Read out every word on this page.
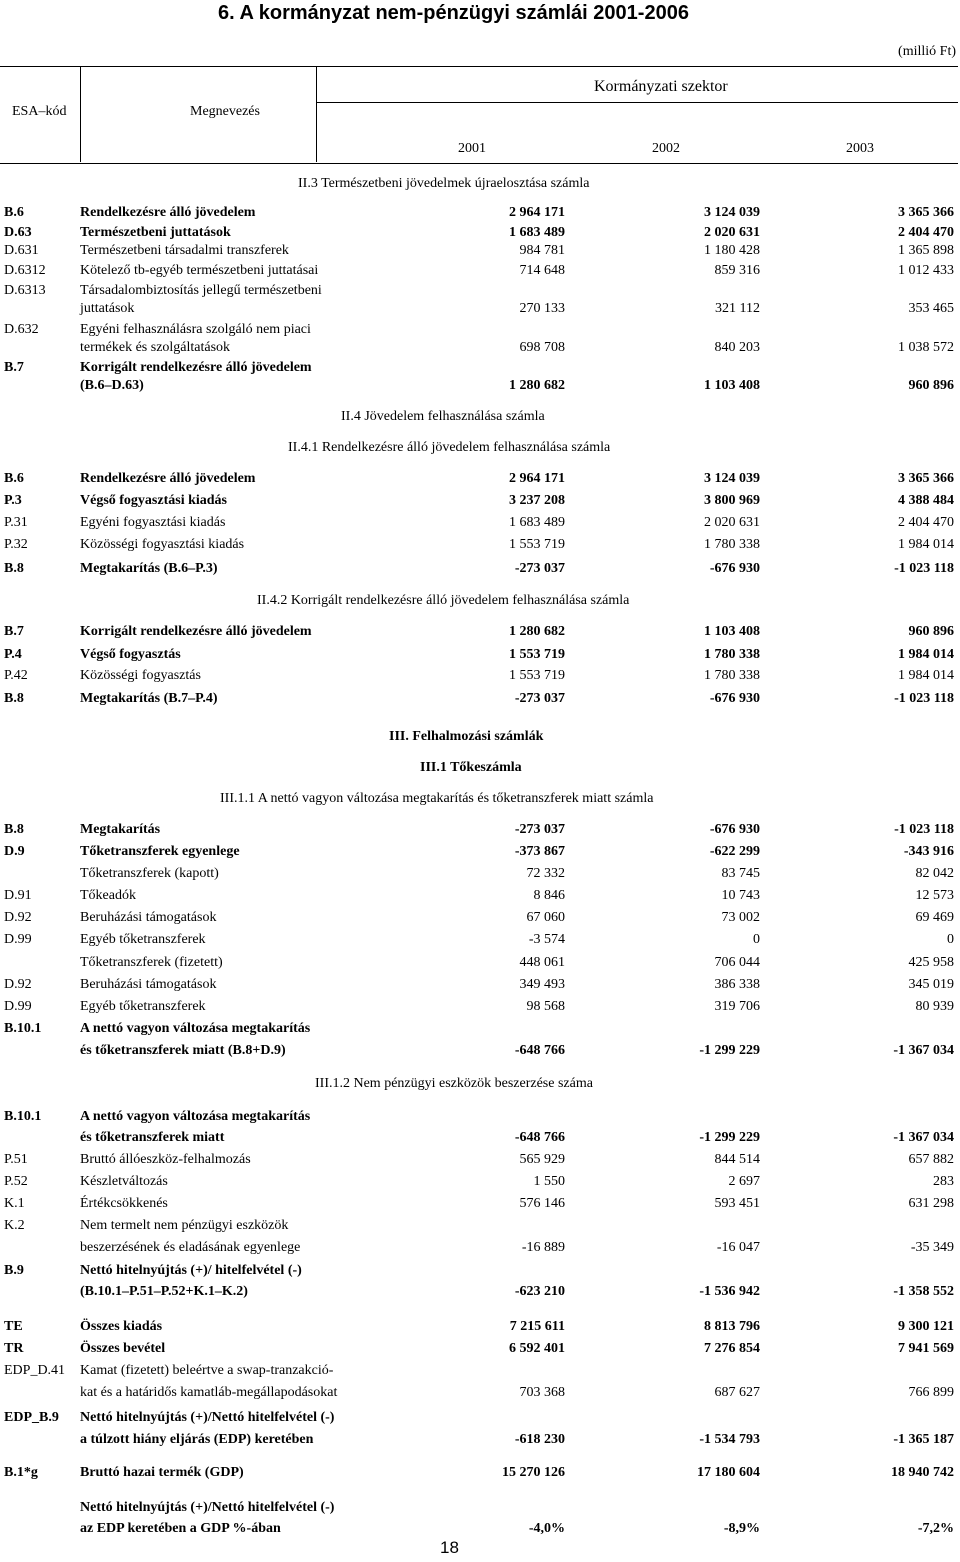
6. A kormányzat nem-pénzügyi számlái 2001-2006
(millió Ft)
ESA–kód	Megnevezés
Kormányzati szektor
2001	2002	2003
II.3 Természetbeni jövedelmek újraelosztása számla
II.4 Jövedelem felhasználása számla
II.4.1 Rendelkezésre álló jövedelem felhasználása számla
II.4.2 Korrigált rendelkezésre álló jövedelem felhasználása számla
III. Felhalmozási számlák
III.1 Tőkeszámla
III.1.1 A nettó vagyon változása megtakarítás és tőketranszferek miatt számla
III.1.2 Nem pénzügyi eszközök beszerzése száma
B.6	Rendelkezésre álló jövedelem	2 964 171	3 124 039	3 365 366
D.63	Természetbeni juttatások	1 683 489	2 020 631	2 404 470
D.631	Természetbeni társadalmi transzferek	984 781	1 180 428	1 365 898
D.6312 Kötelező tb-egyéb természetbeni juttatásai	714 648	859 316	1 012 433
D.6313 Társadalombiztosítás jellegű természetbeni
juttatások	270 133	321 112	353 465
D.632	Egyéni felhasználásra szolgáló nem piaci
termékek és szolgáltatások	698 708	840 203	1 038 572
B.7	Korrigált rendelkezésre álló jövedelem
(B.6–D.63)	1 280 682	1 103 408	960 896
B.6	Rendelkezésre álló jövedelem	2 964 171	3 124 039	3 365 366
P.3	Végső fogyasztási kiadás	3 237 208	3 800 969	4 388 484
P.31	Egyéni fogyasztási kiadás	1 683 489	2 020 631	2 404 470
P.32	Közösségi fogyasztási kiadás	1 553 719	1 780 338	1 984 014
B.8	Megtakarítás (B.6–P.3)	-273 037	-676 930	-1 023 118
B.7	Korrigált rendelkezésre álló jövedelem	1 280 682	1 103 408	960 896
P.4	Végső fogyasztás	1 553 719	1 780 338	1 984 014
P.42	Közösségi fogyasztás	1 553 719	1 780 338	1 984 014
B.8	Megtakarítás (B.7–P.4)	-273 037	-676 930	-1 023 118
B.8	Megtakarítás	-273 037	-676 930	-1 023 118
D.9	Tőketranszferek egyenlege	-373 867	-622 299	-343 916
Tőketranszferek (kapott)	72 332	83 745	82 042
D.91	Tőkeadók	8 846	10 743	12 573
D.92	Beruházási támogatások	67 060	73 002	69 469
D.99	Egyéb tőketranszferek	-3 574	0	0
Tőketranszferek (fizetett)	448 061	706 044	425 958
D.92	Beruházási támogatások	349 493	386 338	345 019
D.99	Egyéb tőketranszferek	98 568	319 706	80 939
B.10.1	A nettó vagyon változása megtakarítás
és tőketranszferek miatt (B.8+D.9)	-648 766	-1 299 229	-1 367 034
B.10.1	A nettó vagyon változása megtakarítás
és tőketranszferek miatt	-648 766	-1 299 229	-1 367 034
P.51	Bruttó állóeszköz-felhalmozás	565 929	844 514	657 882
P.52	Készletváltozás	1 550	2 697	283
K.1	Értékcsökkenés	576 146	593 451	631 298
K.2	Nem termelt nem pénzügyi eszközök
beszerzésének és eladásának egyenlege	-16 889	-16 047	-35 349
B.9	Nettó hitelnyújtás (+)/ hitelfelvétel (-)
(B.10.1–P.51–P.52+K.1–K.2)	-623 210	-1 536 942	-1 358 552
TE	Összes kiadás	7 215 611	8 813 796	9 300 121
TR	Összes bevétel	6 592 401	7 276 854	7 941 569
EDP_D.41 Kamat (fizetett) beleértve a swap-tranzakció-
kat és a határidős kamatláb-megállapodásokat	703 368	687 627	766 899
EDP_B.9 Nettó hitelnyújtás (+)/Nettó hitelfelvétel (-)
a túlzott hiány eljárás (EDP) keretében	-618 230	-1 534 793	-1 365 187
B.1*g	Bruttó hazai termék (GDP)	15 270 126	17 180 604	18 940 742
Nettó hitelnyújtás (+)/Nettó hitelfelvétel (-)
az EDP keretében a GDP %-ában	-4,0%	-8,9%	-7,2%
18
